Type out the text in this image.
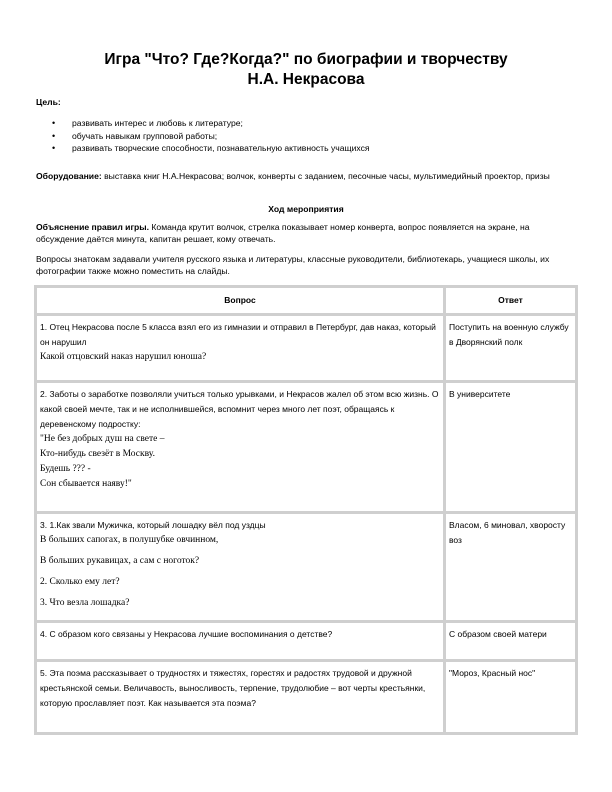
Игра "Что? Где?Когда?" по биографии и творчеству
Н.А. Некрасова
Цель:
• развивать интерес и любовь к литературе;
• обучать навыкам групповой работы;
• развивать творческие способности, познавательную активность учащихся
Оборудование: выставка книг Н.А.Некрасова; волчок, конверты с заданием, песочные часы, мультимедийный проектор, призы
Ход мероприятия
Объяснение правил игры. Команда крутит волчок, стрелка показывает номер конверта, вопрос появляется на экране, на обсуждение даётся минута, капитан решает, кому отвечать.
Вопросы знатокам задавали учителя русского языка и литературы, классные руководители, библиотекарь, учащиеся школы, их фотографии также можно поместить на слайды.
Вопрос	Ответ

1. Отец Некрасова после 5 класса взял его из гимназии и отправил в Петербург, дав наказ, который он нарушил
Какой отцовский наказ нарушил юноша?	Поступить на военную службу в Дворянский полк

2. Заботы о заработке позволяли учиться только урывками, и Некрасов жалел об этом всю жизнь. О какой своей мечте, так и не исполнившейся, вспомнит через много лет поэт, обращаясь к деревенскому подростку:
"Не без добрых душ на свете –
Кто-нибудь свезёт в Москву.
Будешь ??? -
Сон сбывается наяву!"	В университете

3. 1.Как звали Мужичка, который лошадку вёл под уздцы
В больших сапогах, в полушубке овчинном,
В больших рукавицах, а сам с ноготок?
2. Сколько ему лет?
3. Что везла лошадка?	Власом, 6 миновал, хворосту воз
4. С образом кого связаны у Некрасова лучшие воспоминания о детстве?	С образом своей матери
5. Эта поэма рассказывает о трудностях и тяжестях, горестях и радостях трудовой и дружной крестьянской семьи. Величавость, выносливость, терпение, трудолюбие – вот черты крестьянки, которую прославляет поэт. Как называется эта поэма?	"Мороз, Красный нос"
